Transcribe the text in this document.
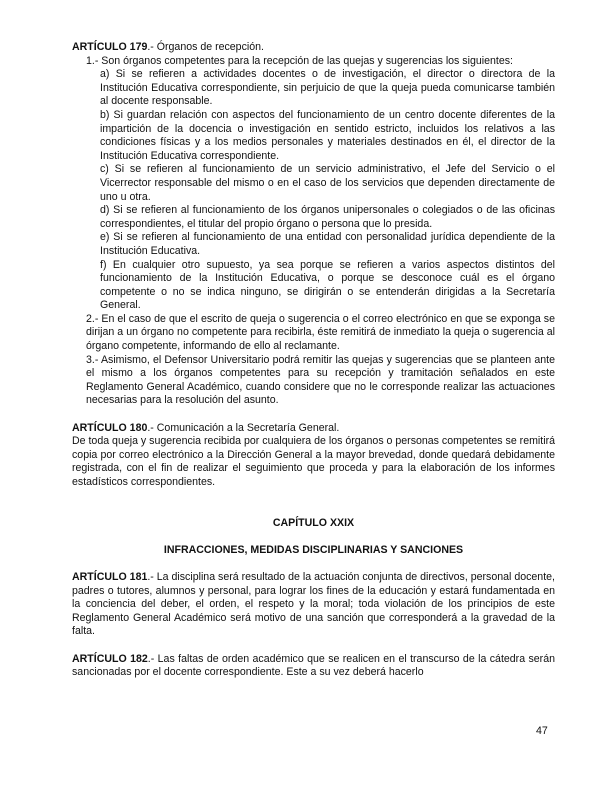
ARTÍCULO 179.- Órganos de recepción.

1.- Son órganos competentes para la recepción de las quejas y sugerencias los siguientes:

a) Si se refieren a actividades docentes o de investigación, el director o directora de la Institución Educativa correspondiente, sin perjuicio de que la queja pueda comunicarse también al docente responsable.

b) Si guardan relación con aspectos del funcionamiento de un centro docente diferentes de la impartición de la docencia o investigación en sentido estricto, incluidos los relativos a las condiciones físicas y a los medios personales y materiales destinados en él, el director de la Institución Educativa correspondiente.

c) Si se refieren al funcionamiento de un servicio administrativo, el Jefe del Servicio o el Vicerrector responsable del mismo o en el caso de los servicios que dependen directamente de uno u otra.

d) Si se refieren al funcionamiento de los órganos unipersonales o colegiados o de las oficinas correspondientes, el titular del propio órgano o persona que lo presida.

e) Si se refieren al funcionamiento de una entidad con personalidad jurídica dependiente de la Institución Educativa.

f) En cualquier otro supuesto, ya sea porque se refieren a varios aspectos distintos del funcionamiento de la Institución Educativa, o porque se desconoce cuál es el órgano competente o no se indica ninguno, se dirigirán o se entenderán dirigidas a la Secretaría General.

2.- En el caso de que el escrito de queja o sugerencia o el correo electrónico en que se exponga se dirijan a un órgano no competente para recibirla, éste remitirá de inmediato la queja o sugerencia al órgano competente, informando de ello al reclamante.

3.- Asimismo, el Defensor Universitario podrá remitir las quejas y sugerencias que se planteen ante el mismo a los órganos competentes para su recepción y tramitación señalados en este Reglamento General Académico, cuando considere que no le corresponde realizar las actuaciones necesarias para la resolución del asunto.

ARTÍCULO 180.- Comunicación a la Secretaría General.

De toda queja y sugerencia recibida por cualquiera de los órganos o personas competentes se remitirá copia por correo electrónico a la Dirección General a la mayor brevedad, donde quedará debidamente registrada, con el fin de realizar el seguimiento que proceda y para la elaboración de los informes estadísticos correspondientes.

CAPÍTULO XXIX

INFRACCIONES, MEDIDAS DISCIPLINARIAS Y SANCIONES

ARTÍCULO 181.- La disciplina será resultado de la actuación conjunta de directivos, personal docente, padres o tutores, alumnos y personal, para lograr los fines de la educación y estará fundamentada en la conciencia del deber, el orden, el respeto y la moral; toda violación de los principios de este Reglamento General Académico será motivo de una sanción que corresponderá a la gravedad de la falta.

ARTÍCULO 182.- Las faltas de orden académico que se realicen en el transcurso de la cátedra serán sancionadas por el docente correspondiente. Este a su vez deberá hacerlo

47
